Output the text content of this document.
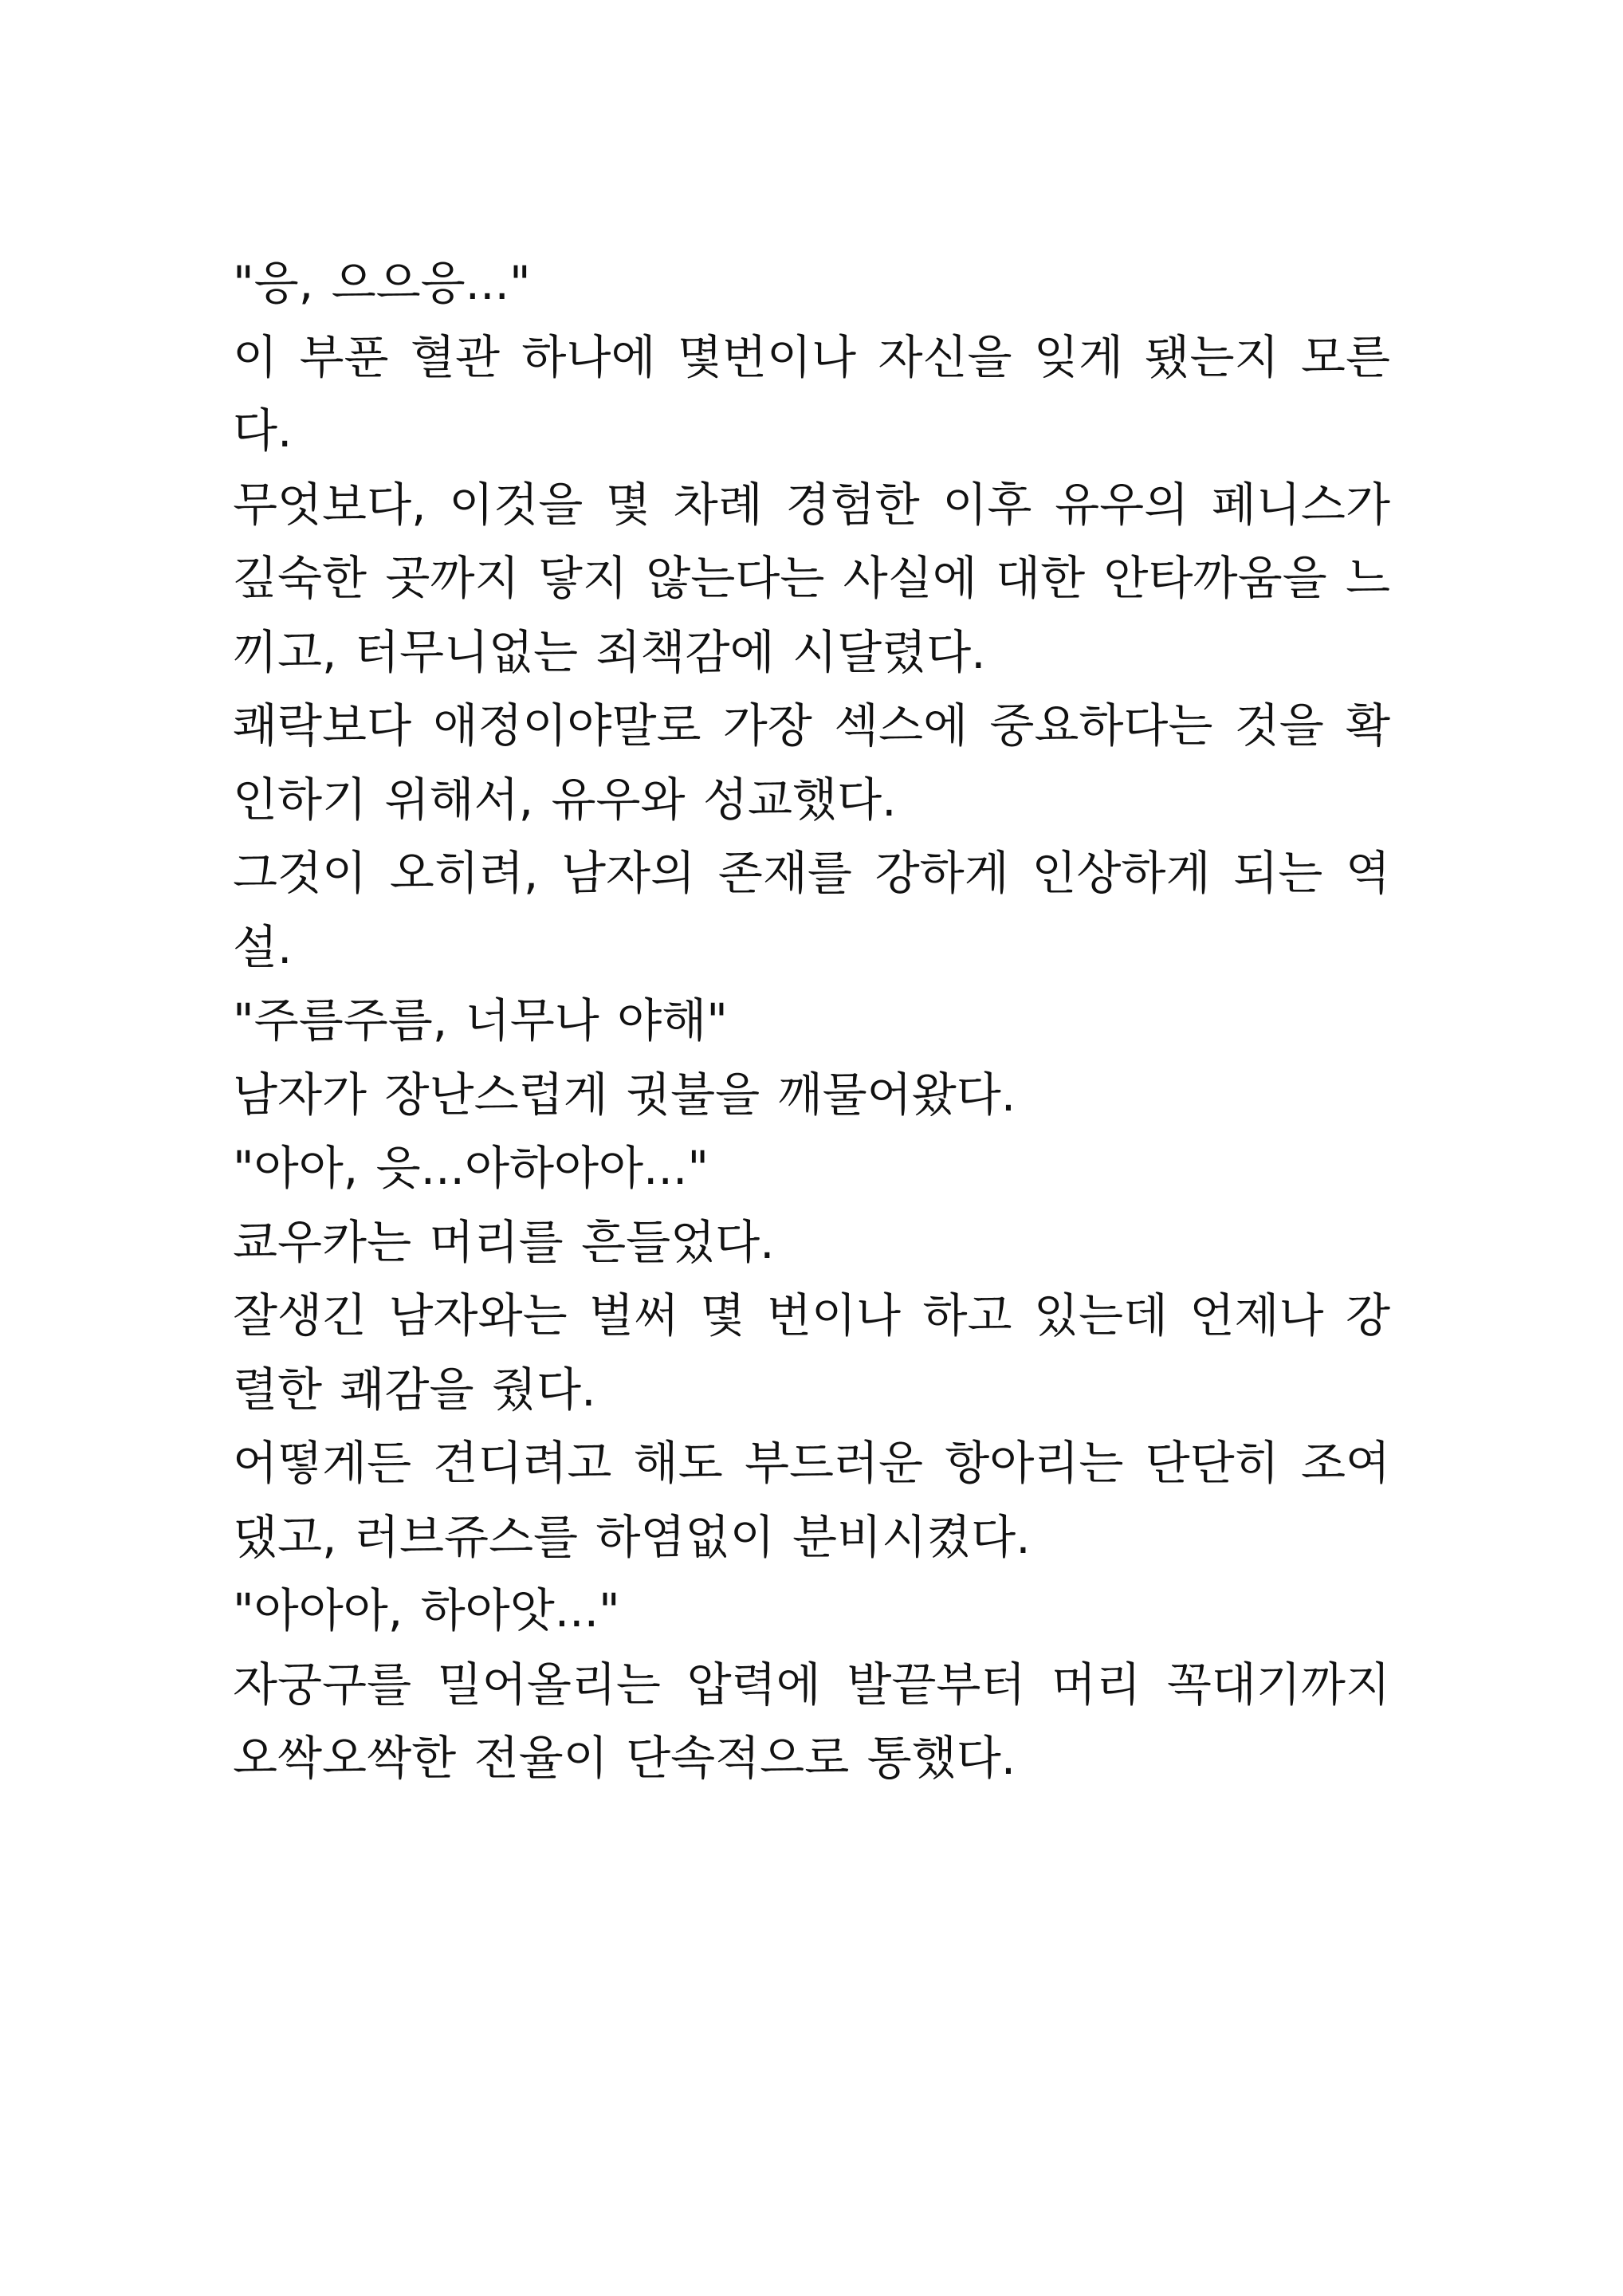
"응, 으으응..."

이 부푼 혈관 하나에 몇번이나 자신을 잊게 됐는지 모른다.

무엇보다, 이것을 몇 차례 경험한 이후 유우의 페니스가 깊숙한 곳까지 닿지 않는다는 사실에 대한 안타까움을 느끼고, 터무니없는 죄책감에 시달렸다.

쾌락보다 애정이야말로 가장 섹스에 중요하다는 것을 확인하기 위해서, 유우와 성교했다.

그것이 오히려, 남자의 존재를 강하게 인상하게 되는 역설.

"주름주름, 너무나 야해"

남자가 장난스럽게 귓불을 깨물어왔다.

"아아, 읏...아하아아..."

쿄우카는 머리를 흔들었다.

잘생긴 남자와는 벌써 몇 번이나 하고 있는데 언제나 강렬한 쾌감을 줬다.

어떻게든 견디려고 해도 부드러운 항아리는 단단히 조여댔고, 러브쥬스를 하염없이 분비시켰다.

"아아아, 하아앗..."

자궁구를 밀어올리는 압력에 발끝부터 머리 꼭대기까지 오싹오싹한 전율이 단속적으로 통했다.
